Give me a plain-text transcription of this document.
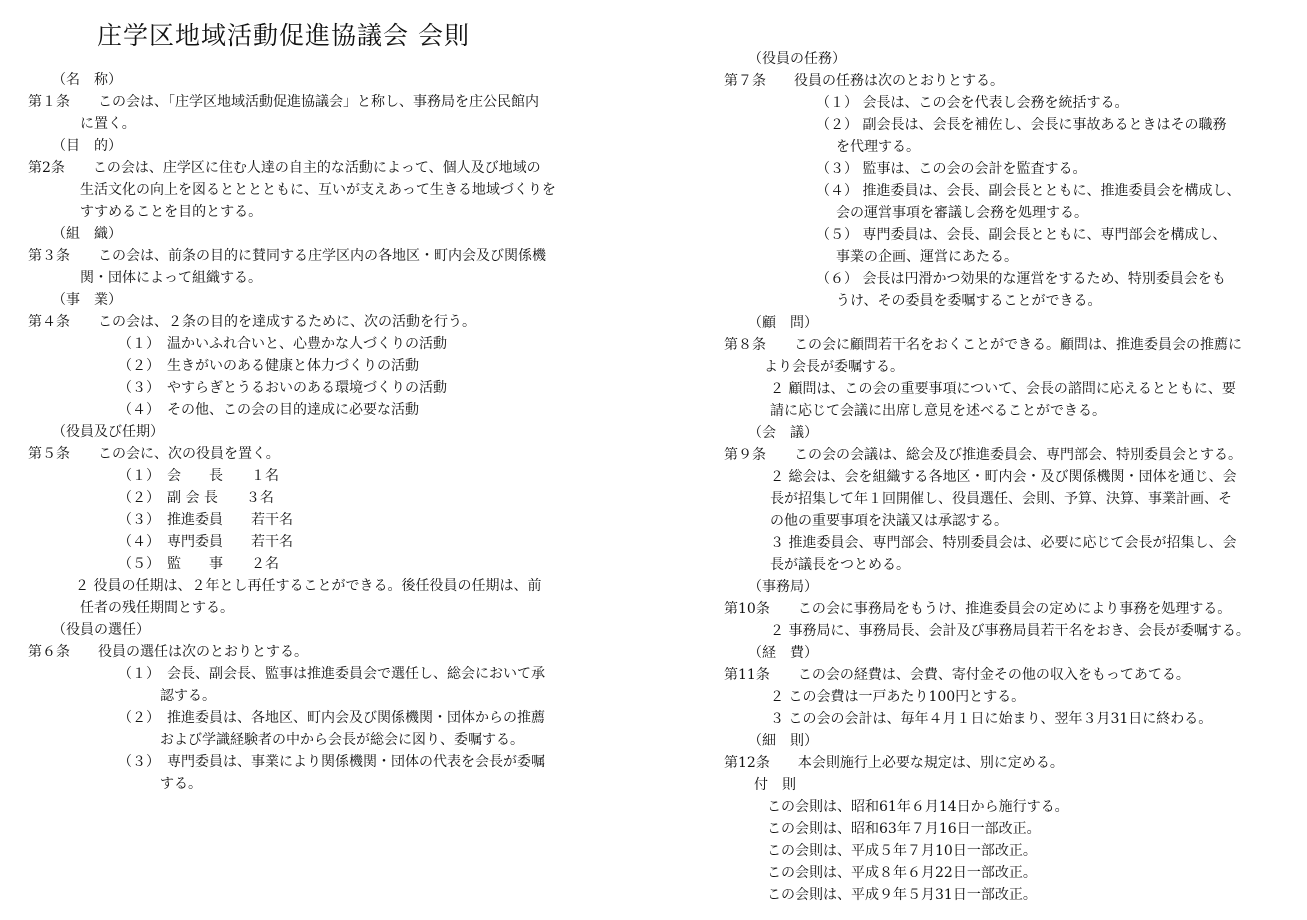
庄学区地域活動促進協議会 会則
（名　称）
第１条　　この会は、「庄学区地域活動促進協議会」と称し、事務局を庄公民館内
に置く。
（目　的）
第2条　　この会は、庄学区に住む人達の自主的な活動によって、個人及び地域の
生活文化の向上を図るとととともに、互いが支えあって生きる地域づくりを
すすめることを目的とする。
（組　織）
第３条　　この会は、前条の目的に賛同する庄学区内の各地区・町内会及び関係機
関・団体によって組織する。
（事　業）
第４条　　この会は、２条の目的を達成するために、次の活動を行う。
（１）　温かいふれ合いと、心豊かな人づくりの活動
（２）　生きがいのある健康と体力づくりの活動
（３）　やすらぎとうるおいのある環境づくりの活動
（４）　その他、この会の目的達成に必要な活動
（役員及び任期）
第５条　　この会に、次の役員を置く。
（１）　会　　長　　１名
（２）　副 会 長　　３名
（３）　推進委員　　若干名
（４）　専門委員　　若干名
（５）　監　　事　　２名
２ 役員の任期は、２年とし再任することができる。後任役員の任期は、前
任者の残任期間とする。
（役員の選任）
第６条　　役員の選任は次のとおりとする。
（１）　会長、副会長、監事は推進委員会で選任し、総会において承
認する。
（２）　推進委員は、各地区、町内会及び関係機関・団体からの推薦
および学識経験者の中から会長が総会に図り、委嘱する。
（３）　専門委員は、事業により関係機関・団体の代表を会長が委嘱
する。
（役員の任務）
第７条　　役員の任務は次のとおりとする。
（１） 会長は、この会を代表し会務を統括する。
（２） 副会長は、会長を補佐し、会長に事故あるときはその職務
を代理する。
（３） 監事は、この会の会計を監査する。
（４） 推進委員は、会長、副会長とともに、推進委員会を構成し、
会の運営事項を審議し会務を処理する。
（５） 専門委員は、会長、副会長とともに、専門部会を構成し、
事業の企画、運営にあたる。
（６） 会長は円滑かつ効果的な運営をするため、特別委員会をも
うけ、その委員を委嘱することができる。
（顧　問）
第８条　　この会に顧問若干名をおくことができる。顧問は、推進委員会の推薦に
より会長が委嘱する。
２ 顧問は、この会の重要事項について、会長の諮問に応えるとともに、要
請に応じて会議に出席し意見を述べることができる。
（会　議）
第９条　　この会の会議は、総会及び推進委員会、専門部会、特別委員会とする。
２ 総会は、会を組織する各地区・町内会・及び関係機関・団体を通じ、会
長が招集して年１回開催し、役員選任、会則、予算、決算、事業計画、そ
の他の重要事項を決議又は承認する。
３ 推進委員会、専門部会、特別委員会は、必要に応じて会長が招集し、会
長が議長をつとめる。
（事務局）
第10条　　この会に事務局をもうけ、推進委員会の定めにより事務を処理する。
２ 事務局に、事務局長、会計及び事務局員若干名をおき、会長が委嘱する。
（経　費）
第11条　　この会の経費は、会費、寄付金その他の収入をもってあてる。
２ この会費は一戸あたり100円とする。
３ この会の会計は、毎年４月１日に始まり、翌年３月31日に終わる。
（細　則）
第12条　　本会則施行上必要な規定は、別に定める。
付　則
この会則は、昭和61年６月14日から施行する。
この会則は、昭和63年７月16日一部改正。
この会則は、平成５年７月10日一部改正。
この会則は、平成８年６月22日一部改正。
この会則は、平成９年５月31日一部改正。
